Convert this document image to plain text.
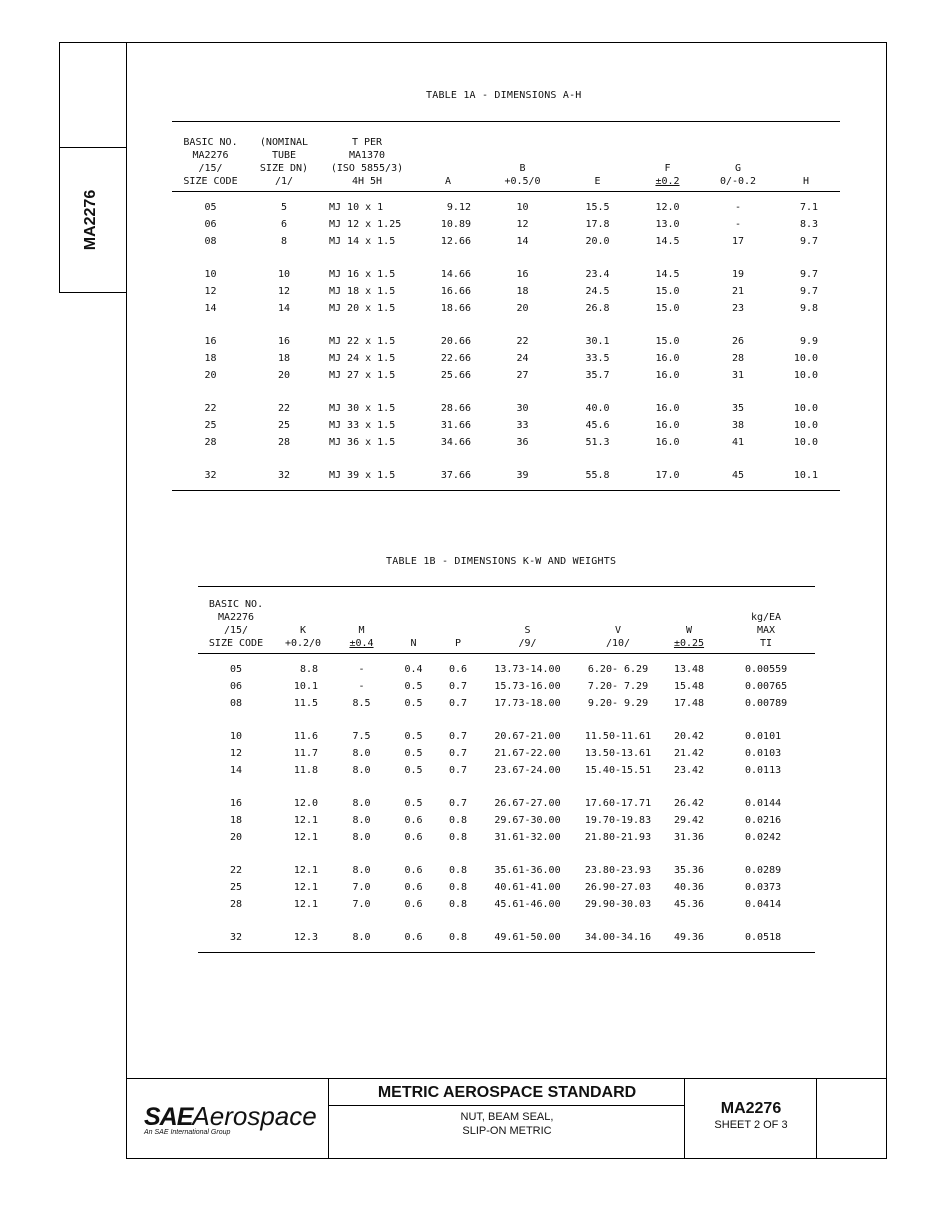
MA2276
TABLE 1A - DIMENSIONS A-H
BASIC NO.	(NOMINAL	T PER						
MA2276	TUBE	MA1370						
/15/	SIZE DN)	(ISO 5855/3)		B		F	G	
SIZE CODE	/1/	4H 5H	A	+0.5/0	E	±0.2	0/-0.2	H
05	5	MJ 10 x 1	9.12	10	15.5	12.0	-	7.1
06	6	MJ 12 x 1.25	10.89	12	17.8	13.0	-	8.3
08	8	MJ 14 x 1.5	12.66	14	20.0	14.5	17	9.7
10	10	MJ 16 x 1.5	14.66	16	23.4	14.5	19	9.7
12	12	MJ 18 x 1.5	16.66	18	24.5	15.0	21	9.7
14	14	MJ 20 x 1.5	18.66	20	26.8	15.0	23	9.8
16	16	MJ 22 x 1.5	20.66	22	30.1	15.0	26	9.9
18	18	MJ 24 x 1.5	22.66	24	33.5	16.0	28	10.0
20	20	MJ 27 x 1.5	25.66	27	35.7	16.0	31	10.0
22	22	MJ 30 x 1.5	28.66	30	40.0	16.0	35	10.0
25	25	MJ 33 x 1.5	31.66	33	45.6	16.0	38	10.0
28	28	MJ 36 x 1.5	34.66	36	51.3	16.0	41	10.0
32	32	MJ 39 x 1.5	37.66	39	55.8	17.0	45	10.1
TABLE 1B - DIMENSIONS K-W AND WEIGHTS
BASIC NO.								
MA2276								kg/EA
/15/	K	M			S	V	W	MAX
SIZE CODE	+0.2/0	±0.4	N	P	/9/	/10/	±0.25	TI
05	8.8	-	0.4	0.6	13.73-14.00	6.20- 6.29	13.48	0.00559
06	10.1	-	0.5	0.7	15.73-16.00	7.20- 7.29	15.48	0.00765
08	11.5	8.5	0.5	0.7	17.73-18.00	9.20- 9.29	17.48	0.00789
10	11.6	7.5	0.5	0.7	20.67-21.00	11.50-11.61	20.42	0.0101
12	11.7	8.0	0.5	0.7	21.67-22.00	13.50-13.61	21.42	0.0103
14	11.8	8.0	0.5	0.7	23.67-24.00	15.40-15.51	23.42	0.0113
16	12.0	8.0	0.5	0.7	26.67-27.00	17.60-17.71	26.42	0.0144
18	12.1	8.0	0.6	0.8	29.67-30.00	19.70-19.83	29.42	0.0216
20	12.1	8.0	0.6	0.8	31.61-32.00	21.80-21.93	31.36	0.0242
22	12.1	8.0	0.6	0.8	35.61-36.00	23.80-23.93	35.36	0.0289
25	12.1	7.0	0.6	0.8	40.61-41.00	26.90-27.03	40.36	0.0373
28	12.1	7.0	0.6	0.8	45.61-46.00	29.90-30.03	45.36	0.0414
32	12.3	8.0	0.6	0.8	49.61-50.00	34.00-34.16	49.36	0.0518
SAEAerospace
An SAE International Group
METRIC AEROSPACE STANDARD
NUT, BEAM SEAL,
SLIP-ON METRIC
MA2276
SHEET 2 OF 3
